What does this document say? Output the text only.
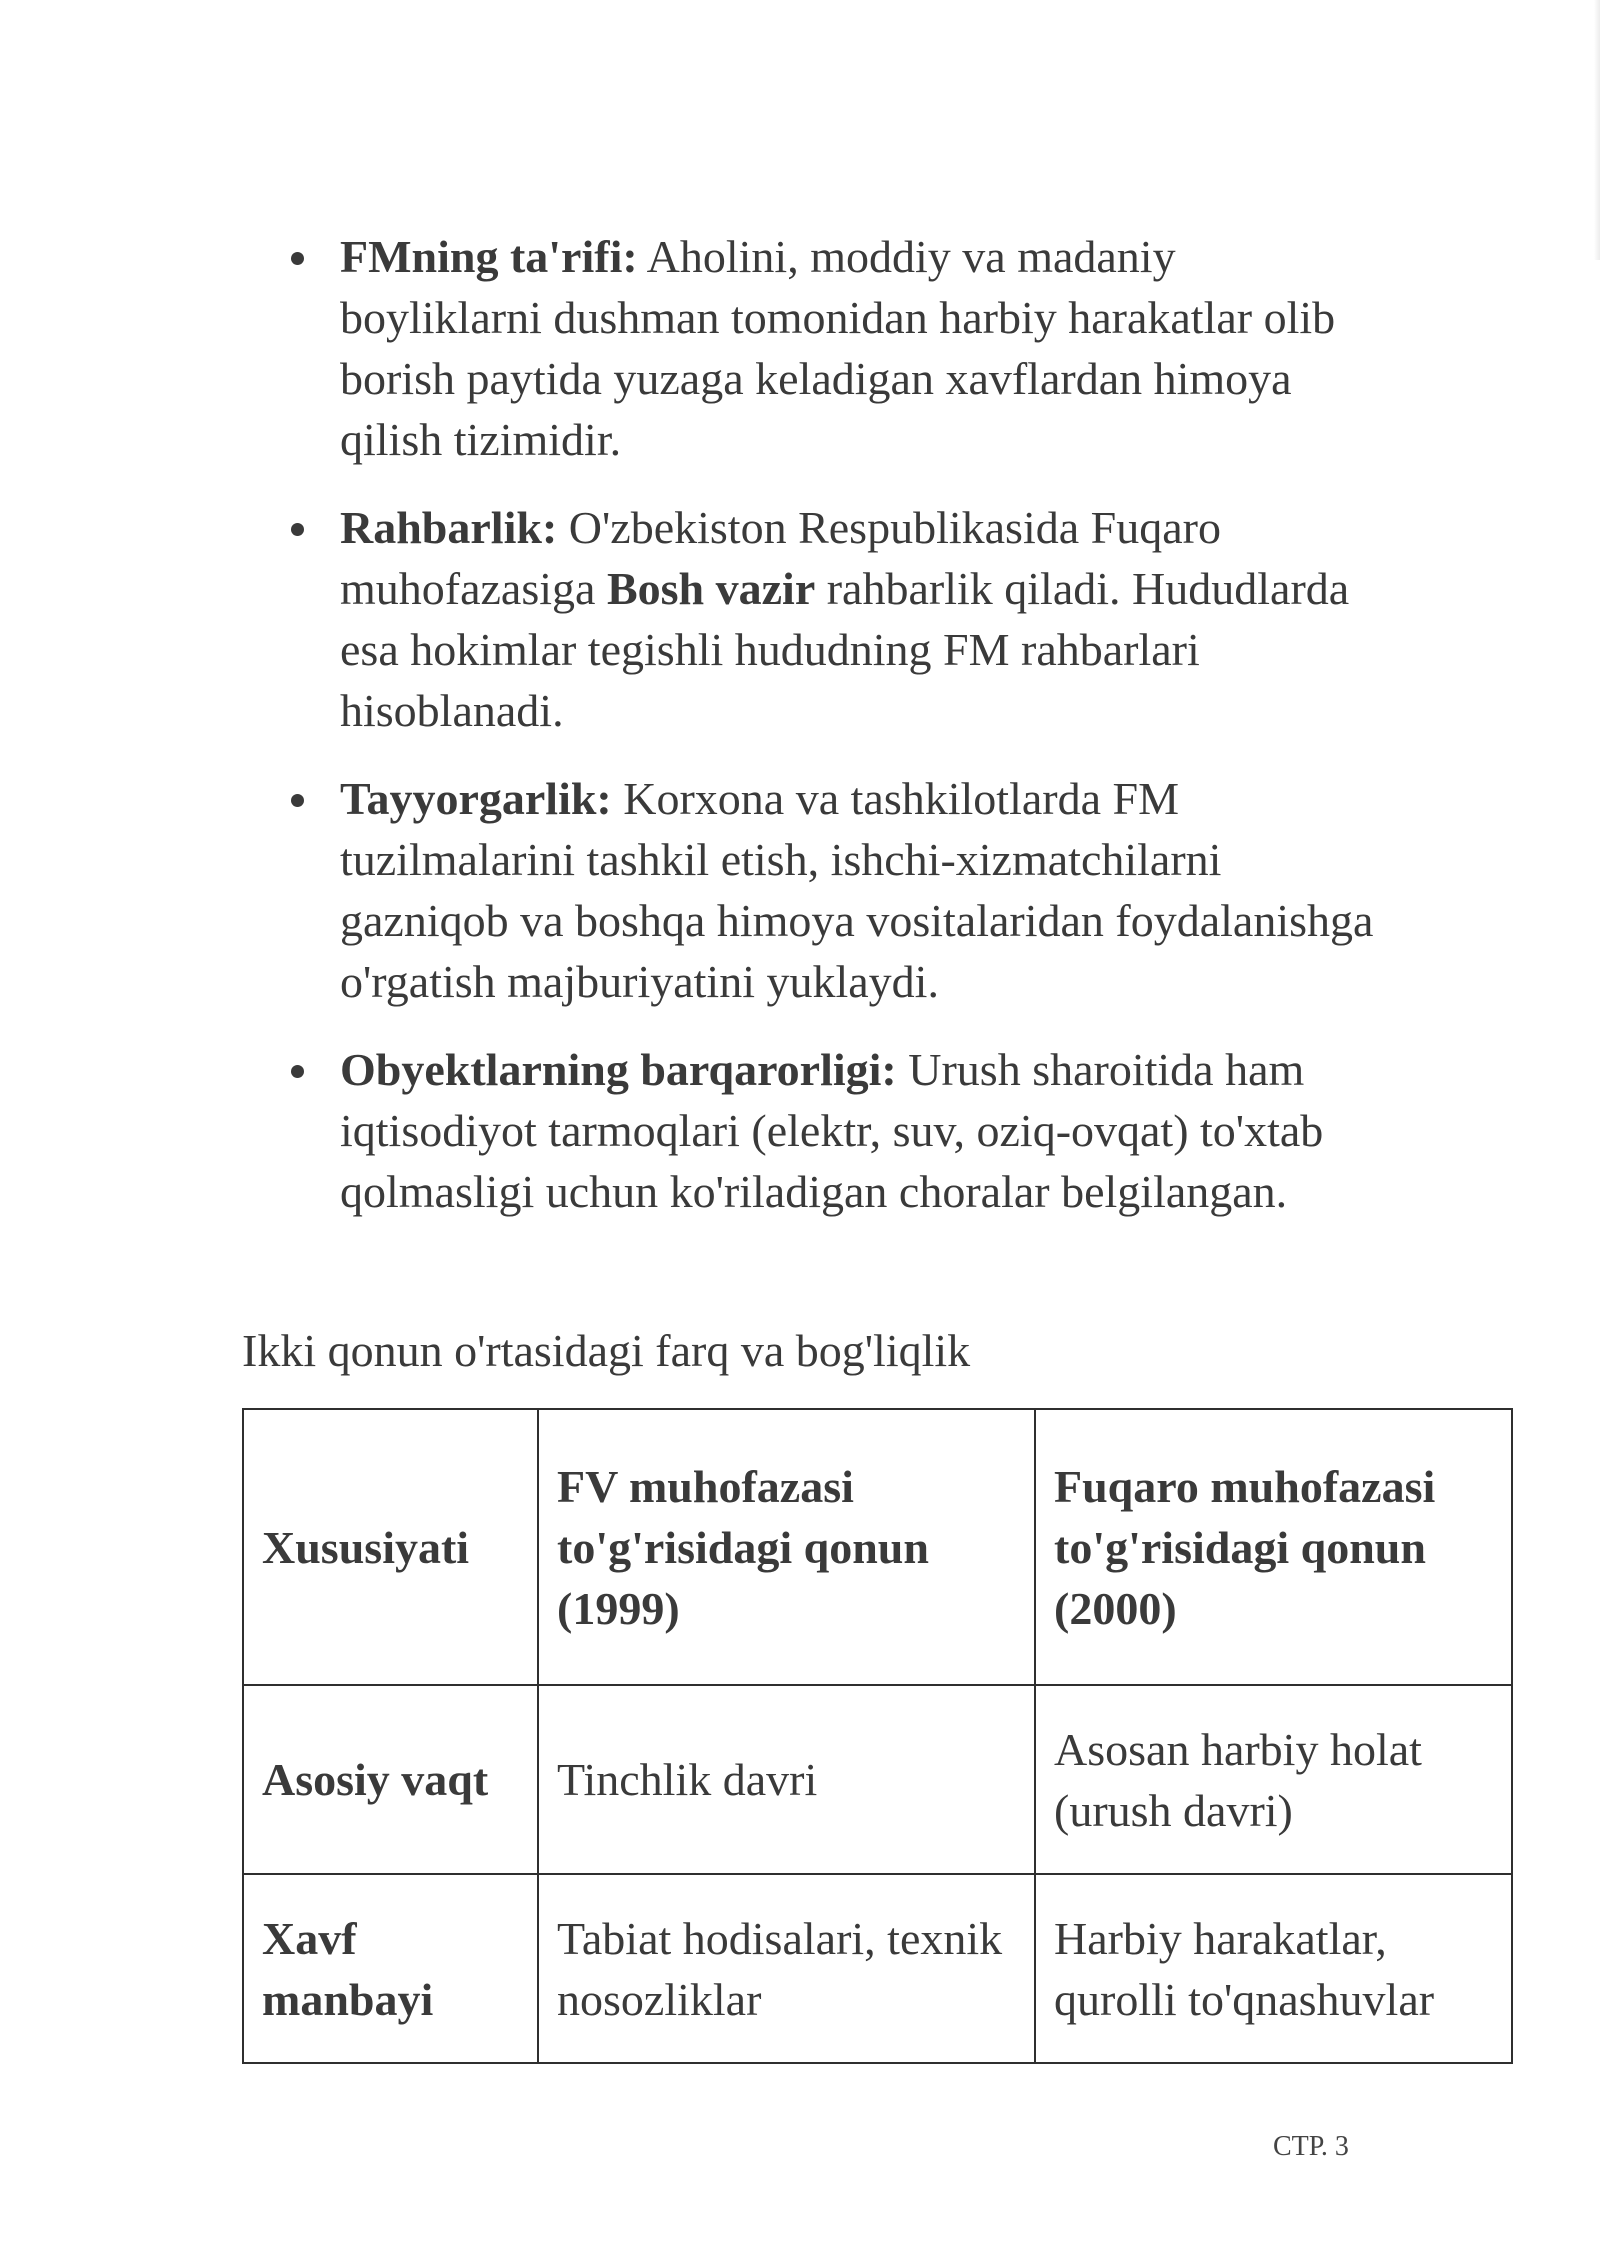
FMning ta'rifi: Aholini, moddiy va madaniy boyliklarni dushman tomonidan harbiy harakatlar olib borish paytida yuzaga keladigan xavflardan himoya qilish tizimidir.
Rahbarlik: O'zbekiston Respublikasida Fuqaro muhofazasiga Bosh vazir rahbarlik qiladi. Hududlarda esa hokimlar tegishli hududning FM rahbarlari hisoblanadi.
Tayyorgarlik: Korxona va tashkilotlarda FM tuzilmalarini tashkil etish, ishchi-xizmatchilarni gazniqob va boshqa himoya vositalaridan foydalanishga o'rgatish majburiyatini yuklaydi.
Obyektlarning barqarorligi: Urush sharoitida ham iqtisodiyot tarmoqlari (elektr, suv, oziq-ovqat) to'xtab qolmasligi uchun ko'riladigan choralar belgilangan.
Ikki qonun o'rtasidagi farq va bog'liqlik
Xususiyati	FV muhofazasi to'g'risidagi qonun (1999)	Fuqaro muhofazasi to'g'risidagi qonun (2000)
Asosiy vaqt	Tinchlik davri	Asosan harbiy holat (urush davri)
Xavf manbayi	Tabiat hodisalari, texnik nosozliklar	Harbiy harakatlar, qurolli to'qnashuvlar
СТР. 3
